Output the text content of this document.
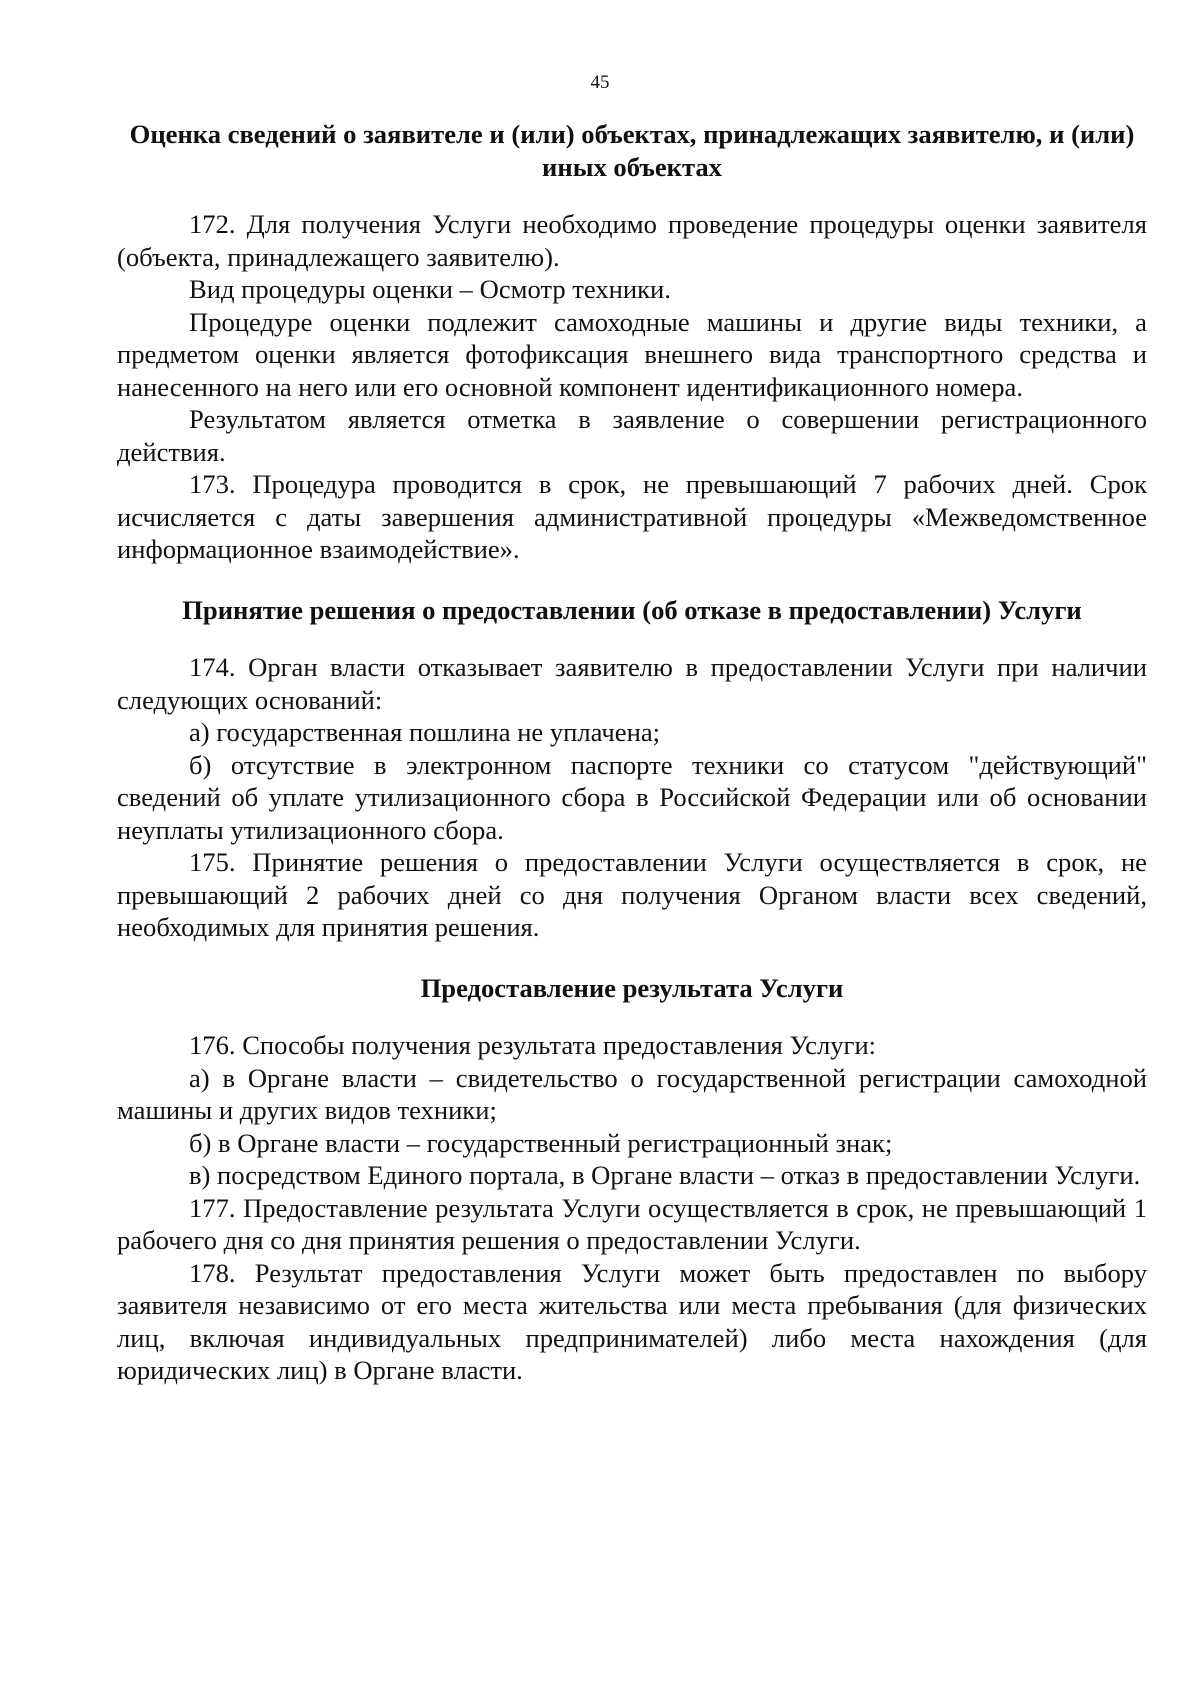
45
Оценка сведений о заявителе и (или) объектах, принадлежащих заявителю, и (или) иных объектах

172. Для получения Услуги необходимо проведение процедуры оценки заявителя (объекта, принадлежащего заявителю).

Вид процедуры оценки – Осмотр техники.

Процедуре оценки подлежит самоходные машины и другие виды техники, а предметом оценки является фотофиксация внешнего вида транспортного средства и нанесенного на него или его основной компонент идентификационного номера.

Результатом является отметка в заявление о совершении регистрационного действия.

173. Процедура проводится в срок, не превышающий 7 рабочих дней. Срок исчисляется с даты завершения административной процедуры «Межведомственное информационное взаимодействие».

Принятие решения о предоставлении (об отказе в предоставлении) Услуги

174. Орган власти отказывает заявителю в предоставлении Услуги при наличии следующих оснований:

а) государственная пошлина не уплачена;

б) отсутствие в электронном паспорте техники со статусом "действующий" сведений об уплате утилизационного сбора в Российской Федерации или об основании неуплаты утилизационного сбора.

175. Принятие решения о предоставлении Услуги осуществляется в срок, не превышающий 2 рабочих дней со дня получения Органом власти всех сведений, необходимых для принятия решения.

Предоставление результата Услуги

176. Способы получения результата предоставления Услуги:

а) в Органе власти – свидетельство о государственной регистрации самоходной машины и других видов техники;

б) в Органе власти – государственный регистрационный знак;

в) посредством Единого портала, в Органе власти – отказ в предоставлении Услуги.

177. Предоставление результата Услуги осуществляется в срок, не превышающий 1 рабочего дня со дня принятия решения о предоставлении Услуги.

178. Результат предоставления Услуги может быть предоставлен по выбору заявителя независимо от его места жительства или места пребывания (для физических лиц, включая индивидуальных предпринимателей) либо места нахождения (для юридических лиц) в Органе власти.
